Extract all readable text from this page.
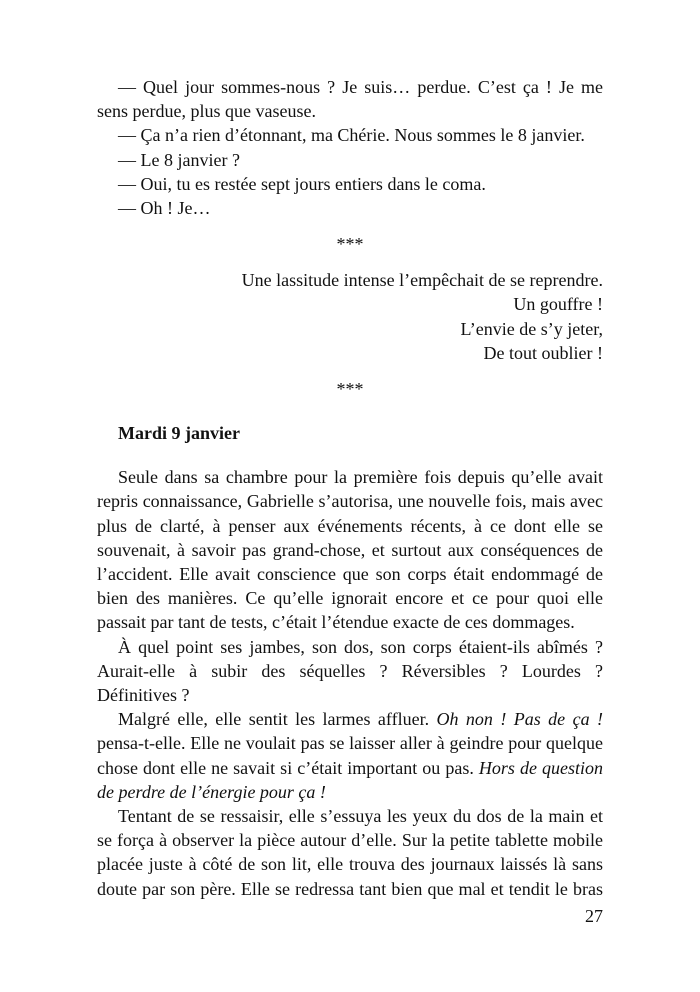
— Quel jour sommes-nous ? Je suis… perdue. C’est ça ! Je me
sens perdue, plus que vaseuse.
— Ça n’a rien d’étonnant, ma Chérie. Nous sommes le 8 janvier.
— Le 8 janvier ?
— Oui, tu es restée sept jours entiers dans le coma.
— Oh ! Je…
***
Une lassitude intense l’empêchait de se reprendre.
Un gouffre !
L’envie de s’y jeter,
De tout oublier !
***
Mardi 9 janvier
Seule dans sa chambre pour la première fois depuis qu’elle avait
repris connaissance, Gabrielle s’autorisa, une nouvelle fois, mais avec
plus de clarté, à penser aux événements récents, à ce dont elle se
souvenait, à savoir pas grand-chose, et surtout aux conséquences de
l’accident. Elle avait conscience que son corps était endommagé de
bien des manières. Ce qu’elle ignorait encore et ce pour quoi elle
passait par tant de tests, c’était l’étendue exacte de ces dommages.
À quel point ses jambes, son dos, son corps étaient-ils abîmés ?
Aurait-elle à subir des séquelles ? Réversibles ? Lourdes ?
Définitives ?
Malgré elle, elle sentit les larmes affluer. Oh non ! Pas de ça !
pensa-t-elle. Elle ne voulait pas se laisser aller à geindre pour quelque
chose dont elle ne savait si c’était important ou pas. Hors de question
de perdre de l’énergie pour ça !
Tentant de se ressaisir, elle s’essuya les yeux du dos de la main et
se força à observer la pièce autour d’elle. Sur la petite tablette mobile
placée juste à côté de son lit, elle trouva des journaux laissés là sans
doute par son père. Elle se redressa tant bien que mal et tendit le bras
27
